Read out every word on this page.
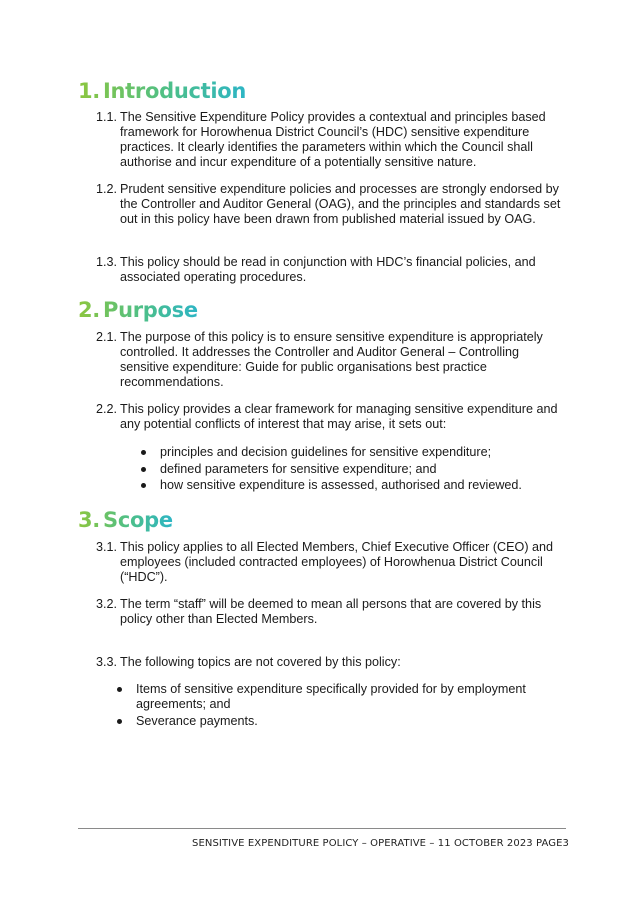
1. Introduction
1.1. The Sensitive Expenditure Policy provides a contextual and principles based framework for Horowhenua District Council’s (HDC) sensitive expenditure practices. It clearly identifies the parameters within which the Council shall authorise and incur expenditure of a potentially sensitive nature.
1.2. Prudent sensitive expenditure policies and processes are strongly endorsed by the Controller and Auditor General (OAG), and the principles and standards set out in this policy have been drawn from published material issued by OAG.
1.3. This policy should be read in conjunction with HDC’s financial policies, and associated operating procedures.
2. Purpose
2.1. The purpose of this policy is to ensure sensitive expenditure is appropriately controlled. It addresses the Controller and Auditor General – Controlling sensitive expenditure: Guide for public organisations best practice recommendations.
2.2. This policy provides a clear framework for managing sensitive expenditure and any potential conflicts of interest that may arise, it sets out:
principles and decision guidelines for sensitive expenditure;
defined parameters for sensitive expenditure; and
how sensitive expenditure is assessed, authorised and reviewed.
3. Scope
3.1. This policy applies to all Elected Members, Chief Executive Officer (CEO) and employees (included contracted employees) of Horowhenua District Council (“HDC”).
3.2. The term “staff” will be deemed to mean all persons that are covered by this policy other than Elected Members.
3.3. The following topics are not covered by this policy:
Items of sensitive expenditure specifically provided for by employment agreements; and
Severance payments.
SENSITIVE EXPENDITURE POLICY – OPERATIVE – 11 OCTOBER 2023 PAGE3
